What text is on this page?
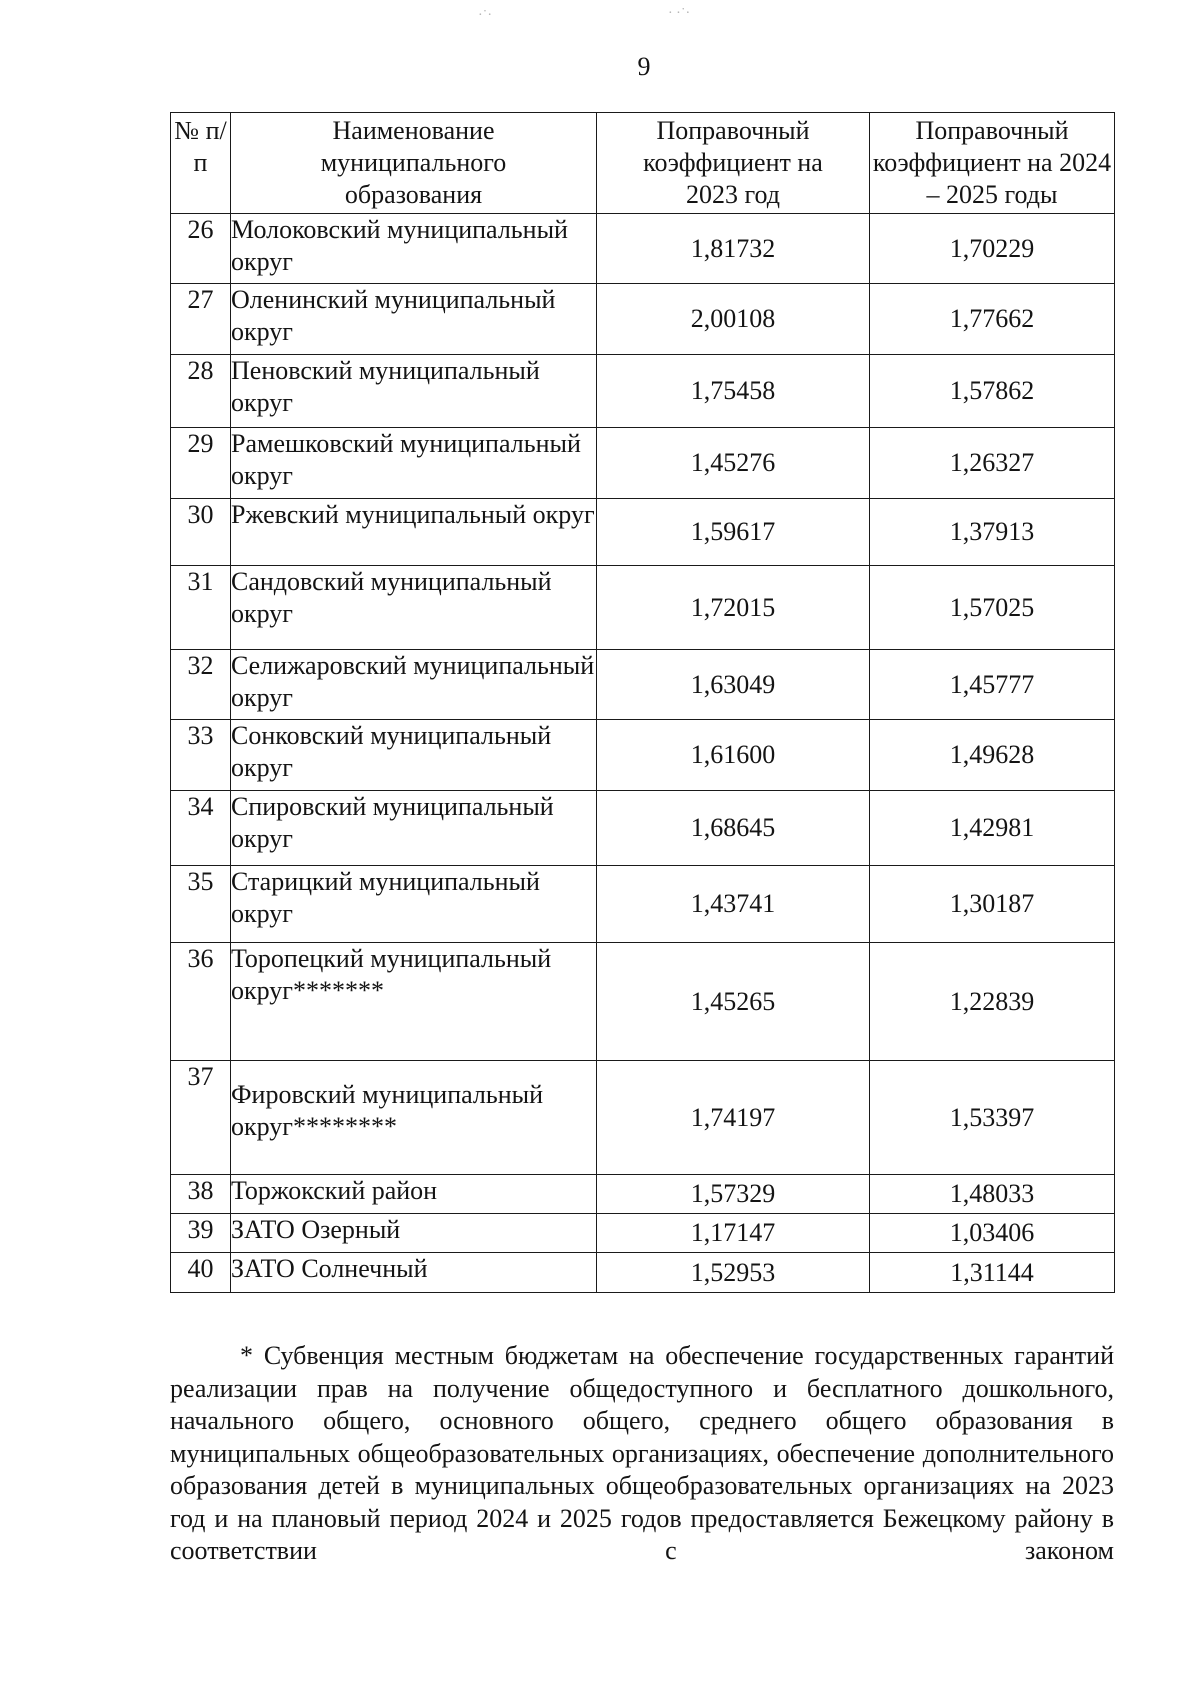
·˙·	· ·˙·
9
№ п/п	Наименование муниципального образования	Поправочный коэффициент на 2023 год	Поправочный коэффициент на 2024 – 2025 годы
26	Молоковский муниципальный округ	1,81732	1,70229
27	Оленинский муниципальный округ	2,00108	1,77662
28	Пеновский муниципальный округ	1,75458	1,57862
29	Рамешковский муниципальный округ	1,45276	1,26327
30	Ржевский муниципальный округ	1,59617	1,37913
31	Сандовский муниципальный округ	1,72015	1,57025
32	Селижаровский муниципальный округ	1,63049	1,45777
33	Сонковский муниципальный округ	1,61600	1,49628
34	Спировский муниципальный округ	1,68645	1,42981
35	Старицкий муниципальный округ	1,43741	1,30187
36	Торопецкий муниципальный округ*******	1,45265	1,22839
37	Фировский муниципальный округ********	1,74197	1,53397
38	Торжокский район	1,57329	1,48033
39	ЗАТО Озерный	1,17147	1,03406
40	ЗАТО Солнечный	1,52953	1,31144

* Субвенция местным бюджетам на обеспечение государственных гарантий реализации прав на получение общедоступного и бесплатного дошкольного, начального общего, основного общего, среднего общего образования в муниципальных общеобразовательных организациях, обеспечение дополнительного образования детей в муниципальных общеобразовательных организациях на 2023 год и на плановый период 2024 и 2025 годов предоставляется Бежецкому району в соответствии с законом
